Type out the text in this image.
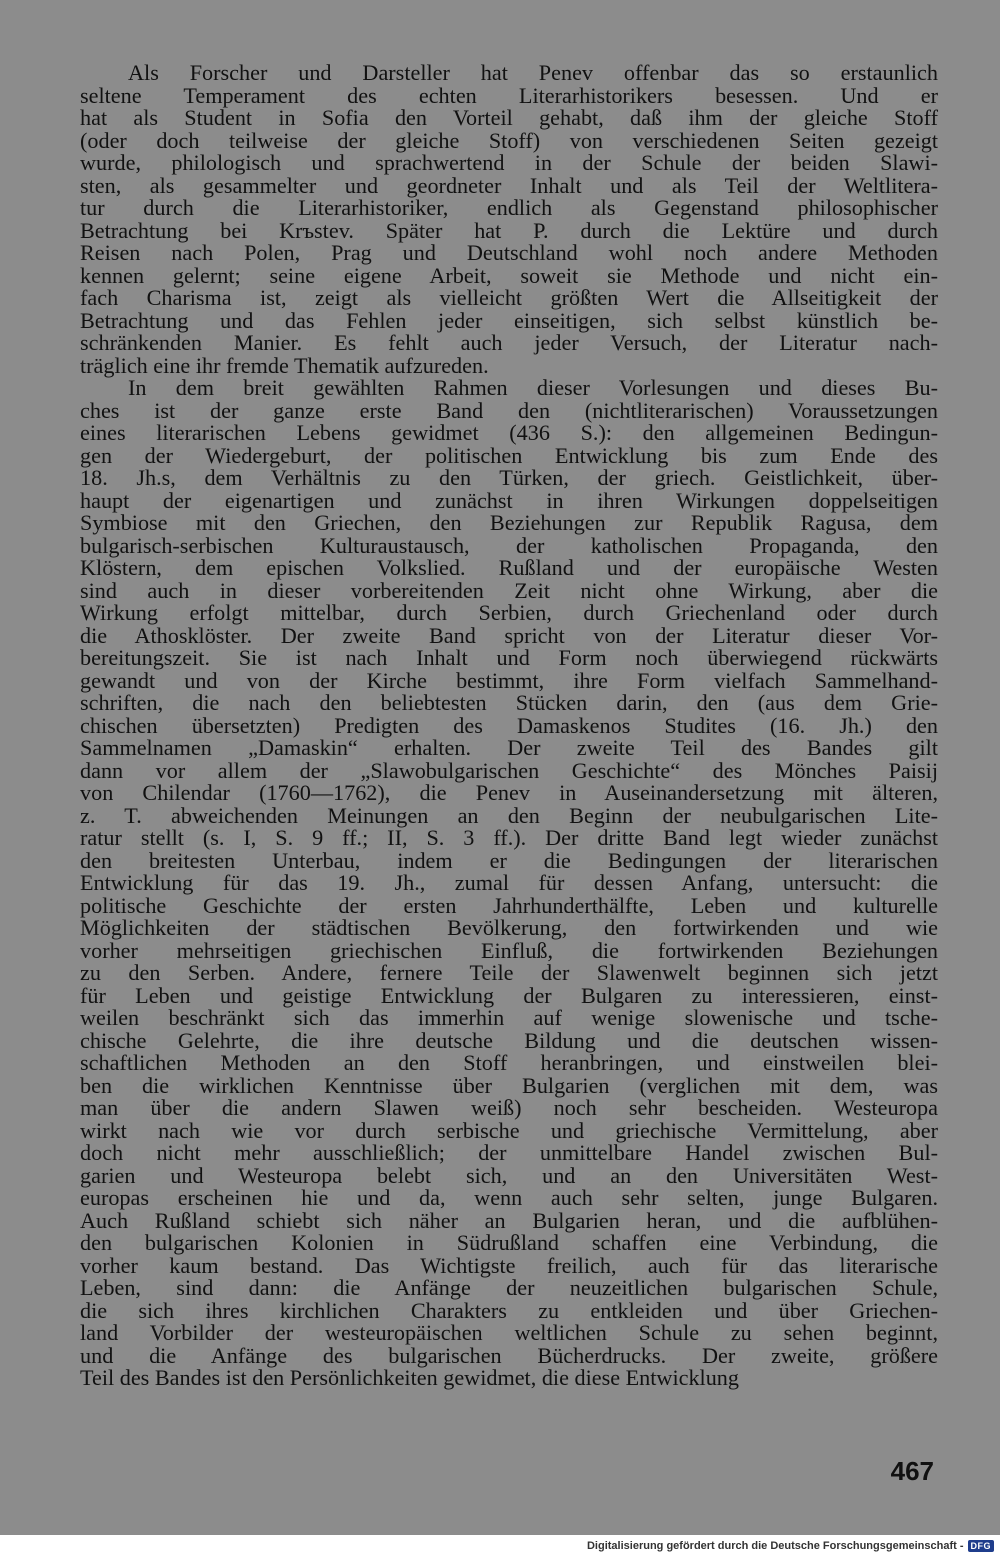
Als Forscher und Darsteller hat Penev offenbar das so erstaunlich
seltene Temperament des echten Literarhistorikers besessen. Und er
hat als Student in Sofia den Vorteil gehabt, daß ihm der gleiche Stoff
(oder doch teilweise der gleiche Stoff) von verschiedenen Seiten gezeigt
wurde, philologisch und sprachwertend in der Schule der beiden Slawi-
sten, als gesammelter und geordneter Inhalt und als Teil der Weltlitera-
tur durch die Literarhistoriker, endlich als Gegenstand philosophischer
Betrachtung bei Krъstev. Später hat P. durch die Lektüre und durch
Reisen nach Polen, Prag und Deutschland wohl noch andere Methoden
kennen gelernt; seine eigene Arbeit, soweit sie Methode und nicht ein-
fach Charisma ist, zeigt als vielleicht größten Wert die Allseitigkeit der
Betrachtung und das Fehlen jeder einseitigen, sich selbst künstlich be-
schränkenden Manier. Es fehlt auch jeder Versuch, der Literatur nach-
träglich eine ihr fremde Thematik aufzureden.

In dem breit gewählten Rahmen dieser Vorlesungen und dieses Bu-
ches ist der ganze erste Band den (nichtliterarischen) Voraussetzungen
eines literarischen Lebens gewidmet (436 S.): den allgemeinen Bedingun-
gen der Wiedergeburt, der politischen Entwicklung bis zum Ende des
18. Jh.s, dem Verhältnis zu den Türken, der griech. Geistlichkeit, über-
haupt der eigenartigen und zunächst in ihren Wirkungen doppelseitigen
Symbiose mit den Griechen, den Beziehungen zur Republik Ragusa, dem
bulgarisch-serbischen Kulturaustausch, der katholischen Propaganda, den
Klöstern, dem epischen Volkslied. Rußland und der europäische Westen
sind auch in dieser vorbereitenden Zeit nicht ohne Wirkung, aber die
Wirkung erfolgt mittelbar, durch Serbien, durch Griechenland oder durch
die Athosklöster. Der zweite Band spricht von der Literatur dieser Vor-
bereitungszeit. Sie ist nach Inhalt und Form noch überwiegend rückwärts
gewandt und von der Kirche bestimmt, ihre Form vielfach Sammelhand-
schriften, die nach den beliebtesten Stücken darin, den (aus dem Grie-
chischen übersetzten) Predigten des Damaskenos Studites (16. Jh.) den
Sammelnamen „Damaskin“ erhalten. Der zweite Teil des Bandes gilt
dann vor allem der „Slawobulgarischen Geschichte“ des Mönches Paisij
von Chilendar (1760—1762), die Penev in Auseinandersetzung mit älteren,
z. T. abweichenden Meinungen an den Beginn der neubulgarischen Lite-
ratur stellt (s. I, S. 9 ff.; II, S. 3 ff.). Der dritte Band legt wieder zunächst
den breitesten Unterbau, indem er die Bedingungen der literarischen
Entwicklung für das 19. Jh., zumal für dessen Anfang, untersucht: die
politische Geschichte der ersten Jahrhunderthälfte, Leben und kulturelle
Möglichkeiten der städtischen Bevölkerung, den fortwirkenden und wie
vorher mehrseitigen griechischen Einfluß, die fortwirkenden Beziehungen
zu den Serben. Andere, fernere Teile der Slawenwelt beginnen sich jetzt
für Leben und geistige Entwicklung der Bulgaren zu interessieren, einst-
weilen beschränkt sich das immerhin auf wenige slowenische und tsche-
chische Gelehrte, die ihre deutsche Bildung und die deutschen wissen-
schaftlichen Methoden an den Stoff heranbringen, und einstweilen blei-
ben die wirklichen Kenntnisse über Bulgarien (verglichen mit dem, was
man über die andern Slawen weiß) noch sehr bescheiden. Westeuropa
wirkt nach wie vor durch serbische und griechische Vermittelung, aber
doch nicht mehr ausschließlich; der unmittelbare Handel zwischen Bul-
garien und Westeuropa belebt sich, und an den Universitäten West-
europas erscheinen hie und da, wenn auch sehr selten, junge Bulgaren.
Auch Rußland schiebt sich näher an Bulgarien heran, und die aufblühen-
den bulgarischen Kolonien in Südrußland schaffen eine Verbindung, die
vorher kaum bestand. Das Wichtigste freilich, auch für das literarische
Leben, sind dann: die Anfänge der neuzeitlichen bulgarischen Schule,
die sich ihres kirchlichen Charakters zu entkleiden und über Griechen-
land Vorbilder der westeuropäischen weltlichen Schule zu sehen beginnt,
und die Anfänge des bulgarischen Bücherdrucks. Der zweite, größere
Teil des Bandes ist den Persönlichkeiten gewidmet, die diese Entwicklung

467
Digitalisierung gefördert durch die Deutsche Forschungsgemeinschaft - DFG
